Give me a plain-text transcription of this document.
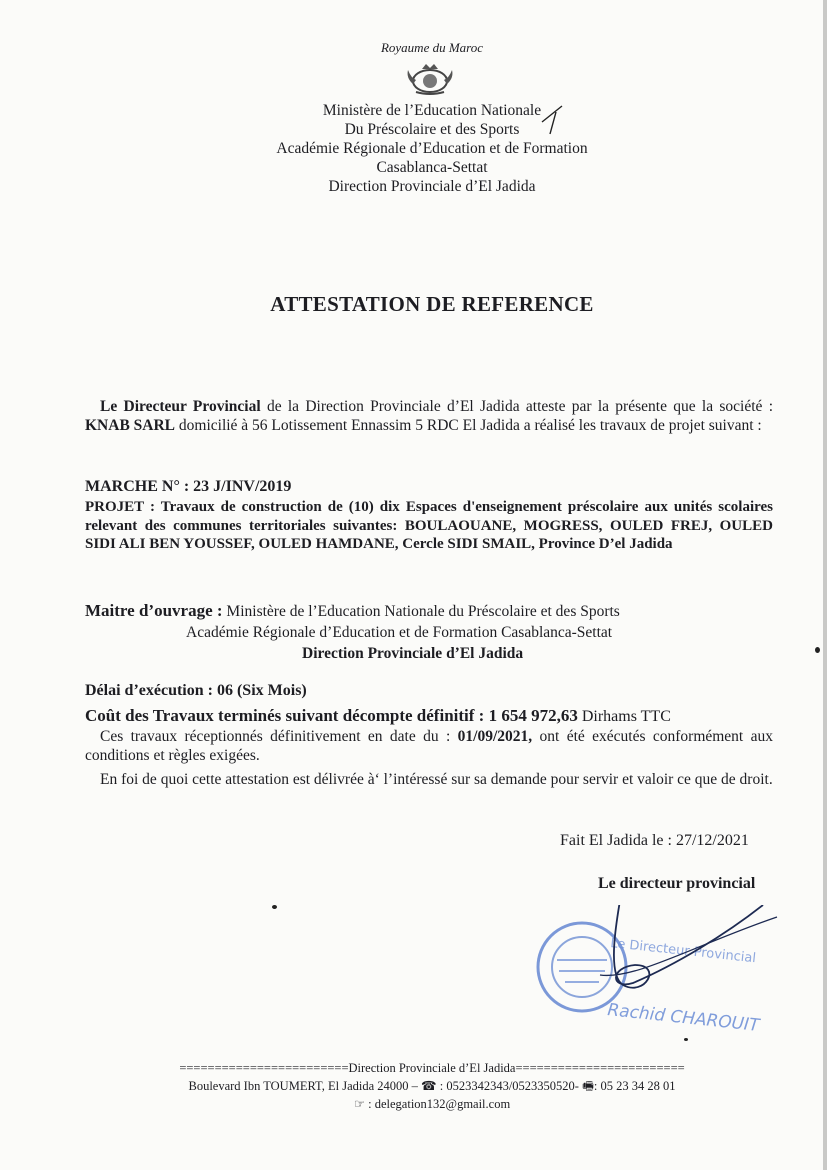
Royaume du Maroc
Ministère de l’Education Nationale
Du Préscolaire et des Sports
Académie Régionale d’Education et de Formation
Casablanca-Settat
Direction Provinciale d’El Jadida
ATTESTATION DE REFERENCE
Le Directeur Provincial de la Direction Provinciale d’El Jadida atteste par la présente que la société : KNAB SARL domicilié à 56 Lotissement Ennassim 5 RDC El Jadida a réalisé les travaux de projet suivant :
MARCHE N° : 23 J/INV/2019
PROJET : Travaux de construction de (10) dix Espaces d'enseignement préscolaire aux unités scolaires relevant des communes territoriales suivantes: BOULAOUANE, MOGRESS, OULED FREJ, OULED SIDI ALI BEN YOUSSEF, OULED HAMDANE, Cercle SIDI SMAIL, Province D’el Jadida
Maitre d’ouvrage : Ministère de l’Education Nationale du Préscolaire et des Sports
Académie Régionale d’Education et de Formation Casablanca-Settat
Direction Provinciale d’El Jadida
Délai d’exécution : 06 (Six Mois)
Coût des Travaux terminés suivant décompte définitif : 1 654 972,63 Dirhams TTC
Ces travaux réceptionnés définitivement en date du : 01/09/2021, ont été exécutés conformément aux conditions et règles exigées.
En foi de quoi cette attestation est délivrée à‘ l’intéressé sur sa demande pour servir et valoir ce que de droit.
Fait El Jadida le : 27/12/2021
Le directeur provincial
Le Directeur Provincial
Rachid CHAROUIT
========================Direction Provinciale d’El Jadida========================
Boulevard Ibn TOUMERT, El Jadida 24000 – ☎ : 0523342343/0523350520- 🖷: 05 23 34 28 01
☞ : delegation132@gmail.com
